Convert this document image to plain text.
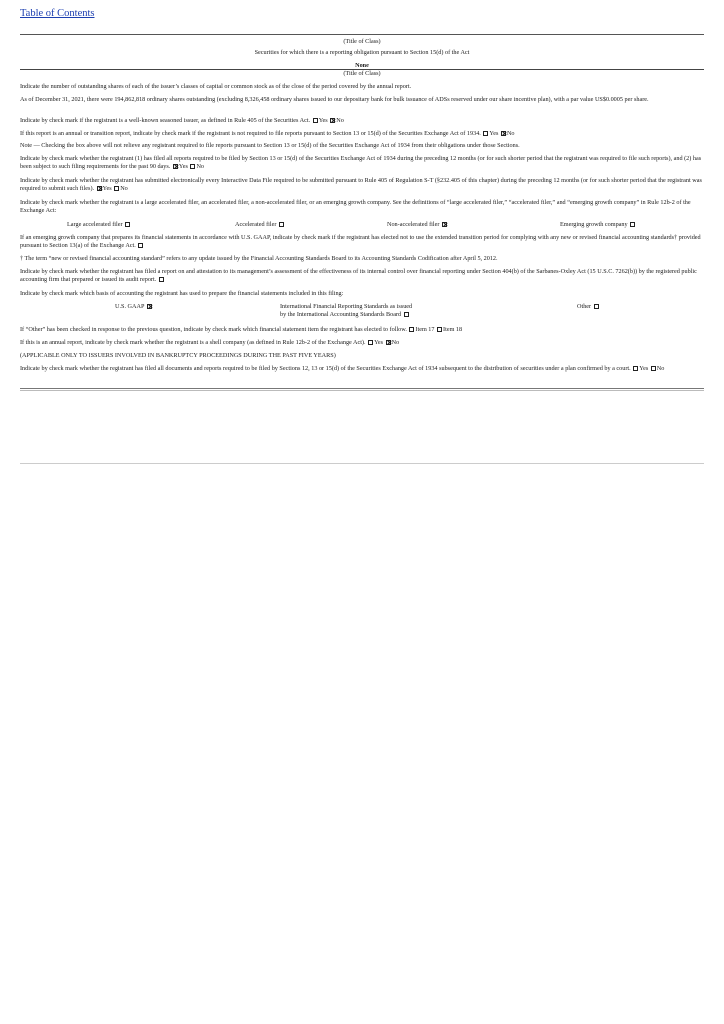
Table of Contents
(Title of Class)
Securities for which there is a reporting obligation pursuant to Section 15(d) of the Act
None
(Title of Class)
Indicate the number of outstanding shares of each of the issuer’s classes of capital or common stock as of the close of the period covered by the annual report.
As of December 31, 2021, there were 194,862,818 ordinary shares outstanding (excluding 8,326,458 ordinary shares issued to our depositary bank for bulk issuance of ADSs reserved under our share incentive plan), with a par value US$0.0005 per share.
Indicate by check mark if the registrant is a well-known seasoned issuer, as defined in Rule 405 of the Securities Act. Yes No
If this report is an annual or transition report, indicate by check mark if the registrant is not required to file reports pursuant to Section 13 or 15(d) of the Securities Exchange Act of 1934. Yes No
Note — Checking the box above will not relieve any registrant required to file reports pursuant to Section 13 or 15(d) of the Securities Exchange Act of 1934 from their obligations under those Sections.
Indicate by check mark whether the registrant (1) has filed all reports required to be filed by Section 13 or 15(d) of the Securities Exchange Act of 1934 during the preceding 12 months (or for such shorter period that the registrant was required to file such reports), and (2) has been subject to such filing requirements for the past 90 days. Yes No
Indicate by check mark whether the registrant has submitted electronically every Interactive Data File required to be submitted pursuant to Rule 405 of Regulation S-T (§232.405 of this chapter) during the preceding 12 months (or for such shorter period that the registrant was required to submit such files). Yes No
Indicate by check mark whether the registrant is a large accelerated filer, an accelerated filer, a non-accelerated filer, or an emerging growth company. See the definitions of “large accelerated filer,” “accelerated filer,” and “emerging growth company” in Rule 12b-2 of the Exchange Act:
Large accelerated filer	Accelerated filer	Non-accelerated filer	Emerging growth company
If an emerging growth company that prepares its financial statements in accordance with U.S. GAAP, indicate by check mark if the registrant has elected not to use the extended transition period for complying with any new or revised financial accounting standards† provided pursuant to Section 13(a) of the Exchange Act.
† The term “new or revised financial accounting standard” refers to any update issued by the Financial Accounting Standards Board to its Accounting Standards Codification after April 5, 2012.
Indicate by check mark whether the registrant has filed a report on and attestation to its management’s assessment of the effectiveness of its internal control over financial reporting under Section 404(b) of the Sarbanes-Oxley Act (15 U.S.C. 7262(b)) by the registered public accounting firm that prepared or issued its audit report.
Indicate by check mark which basis of accounting the registrant has used to prepare the financial statements included in this filing:
U.S. GAAP	International Financial Reporting Standards as issued
by the International Accounting Standards Board
Other
If “Other” has been checked in response to the previous question, indicate by check mark which financial statement item the registrant has elected to follow. Item 17 Item 18
If this is an annual report, indicate by check mark whether the registrant is a shell company (as defined in Rule 12b-2 of the Exchange Act). Yes No
(APPLICABLE ONLY TO ISSUERS INVOLVED IN BANKRUPTCY PROCEEDINGS DURING THE PAST FIVE YEARS)
Indicate by check mark whether the registrant has filed all documents and reports required to be filed by Sections 12, 13 or 15(d) of the Securities Exchange Act of 1934 subsequent to the distribution of securities under a plan confirmed by a court. Yes No
